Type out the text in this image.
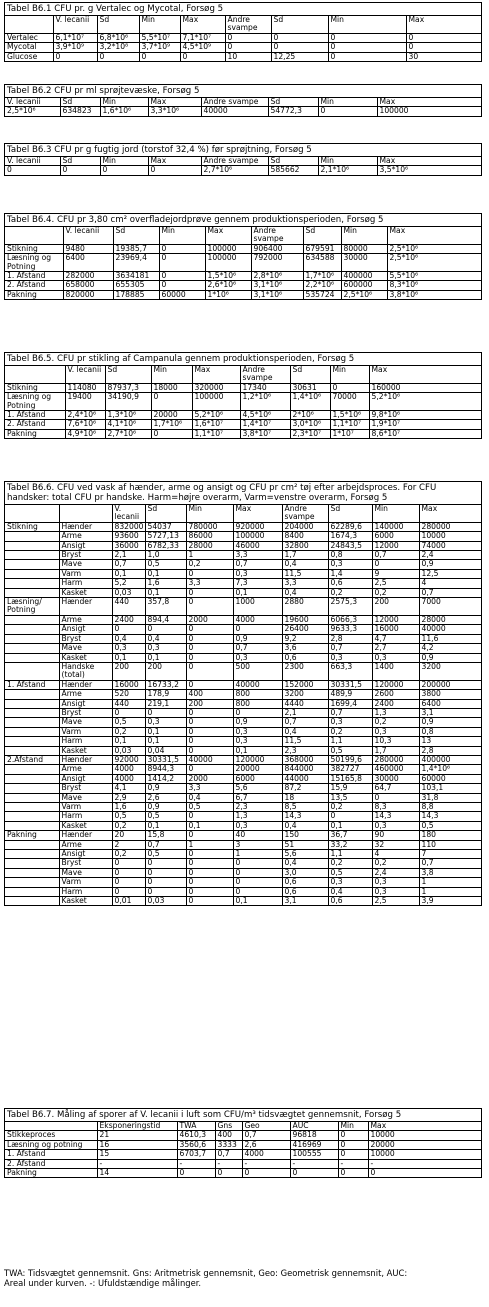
Tabel B6.1 CFU pr. g Vertalec og Mycotal, Forsøg 5
	V. lecanii	Sd	Min	Max	Andre svampe	Sd	Min	Max
Vertalec	6,1*10⁷	6,8*10⁶	5,5*10⁷	7,1*10⁷	0	0	0	0
Mycotal	3,9*10⁹	3,2*10⁸	3,7*10⁹	4,5*10⁹	0	0	0	0
Glucose	0	0	0	0	10	12,25	0	30
Tabel B6.2 CFU pr ml sprøjtevæske, Forsøg 5
V. lecanii	Sd	Min	Max	Andre svampe	Sd	Min	Max
2,5*10⁶	634823	1,6*10⁶	3,3*10⁶	40000	54772,3	0	100000
Tabel B6.3 CFU pr g fugtig jord (torstof 32,4 %) før sprøjtning, Forsøg 5
V. lecanii	Sd	Min	Max	Andre svampe	Sd	Min	Max
0	0	0	0	2,7*10⁶	585662	2,1*10⁶	3,5*10⁶
Tabel B6.4. CFU pr 3,80 cm² overfladejordprøve gennem produktionsperioden, Forsøg 5
	V. lecanii	Sd	Min	Max	Andre svampe	Sd	Min	Max
Stikning	9480	19385,7	0	100000	906400	679591	80000	2,5*10⁶
Læsning og Potning	6400	23969,4	0	100000	792000	634588	30000	2,5*10⁶
1. Afstand	282000	3634181	0	1,5*10⁶	2,8*10⁶	1,7*10⁶	400000	5,5*10⁶
2. Afstand	658000	655305	0	2,6*10⁶	3,1*10⁶	2,2*10⁶	600000	8,3*10⁶
Pakning	820000	178885	60000	1*10⁶	3,1*10⁶	535724	2,5*10⁶	3,8*10⁶
Tabel B6.5. CFU pr stikling af Campanula gennem produktionsperioden, Forsøg 5
	V. lecanii	Sd	Min	Max	Andre svampe	Sd	Min	Max
Stikning	114080	87937,3	18000	320000	17340	30631	0	160000
Læsning og Potning	19400	34190,9	0	100000	1,2*10⁶	1,4*10⁶	70000	5,2*10⁶
1. Afstand	2,4*10⁶	1,3*10⁶	20000	5,2*10⁶	4,5*10⁶	2*10⁶	1,5*10⁶	9,8*10⁶
2. Afstand	7,6*10⁶	4,1*10⁶	1,7*10⁶	1,6*10⁷	1,4*10⁷	3,0*10⁶	1,1*10⁷	1,9*10⁷
Pakning	4,9*10⁶	2,7*10⁶	0	1,1*10⁷	3,8*10⁷	2,3*10⁷	1*10⁷	8,6*10⁷
Tabel B6.6. CFU ved vask af hænder, arme og ansigt og CFU pr cm² tøj efter arbejdsproces. For CFU handsker: total CFU pr handske. Harm=højre overarm, Varm=venstre overarm, Forsøg 5
		V. lecanii	Sd	Min	Max	Andre svampe	Sd	Min	Max
Stikning	Hænder	832000	54037	780000	920000	204000	62289,6	140000	280000
	Arme	93600	5727,13	86000	100000	8400	1674,3	6000	10000
	Ansigt	36000	6782,33	28000	46000	32800	24843,5	12000	74000
	Bryst	2,1	1,0	1	3,3	1,7	0,8	0,7	2,4
	Mave	0,7	0,5	0,2	0,7	0,4	0,3	0	0,9
	Varm	0,1	0,1	0	0,3	11,5	1,4	9	12,5
	Harm	5,2	1,6	3,3	7,3	3,3	0,6	2,5	4
	Kasket	0,03	0,1	0	0,1	0,4	0,2	0,2	0,7
Læsning/ Potning	Hænder	440	357,8	0	1000	2880	2575,3	200	7000
	Arme	2400	894,4	2000	4000	19600	6066,3	12000	28000
	Ansigt	0	0	0	0	26400	9633,3	16000	40000
	Bryst	0,4	0,4	0	0,9	9,2	2,8	4,7	11,6
	Mave	0,3	0,3	0	0,7	3,6	0,7	2,7	4,2
	Kasket	0,1	0,1	0	0,3	0,6	0,3	0,3	0,9
	Handske (total)	200	200	0	500	2300	663,3	1400	3200
1. Afstand	Hænder	16000	16733,2	0	40000	152000	30331,5	120000	200000
	Arme	520	178,9	400	800	3200	489,9	2600	3800
	Ansigt	440	219,1	200	800	4440	1699,4	2400	6400
	Bryst	0	0	0	0	2,1	0,7	1,3	3,1
	Mave	0,5	0,3	0	0,9	0,7	0,3	0,2	0,9
	Varm	0,2	0,1	0	0,3	0,4	0,2	0,3	0,8
	Harm	0,1	0,1	0	0,3	11,5	1,1	10,3	13
	Kasket	0,03	0,04	0	0,1	2,3	0,5	1,7	2,8
2.Afstand	Hænder	92000	30331,5	40000	120000	368000	50199,6	280000	400000
	Arme	4000	8944,3	0	20000	844000	382727	460000	1,4*10⁶
	Ansigt	4000	1414,2	2000	6000	44000	15165,8	30000	60000
	Bryst	4,1	0,9	3,3	5,6	87,2	15,9	64,7	103,1
	Mave	2,9	2,6	0,4	6,7	18	13,5	0	31,8
	Varm	1,6	0,9	0,5	2,3	8,5	0,2	8,3	8,8
	Harm	0,5	0,5	0	1,3	14,3	0	14,3	14,3
	Kasket	0,2	0,1	0,1	0,3	0,4	0,1	0,3	0,5
Pakning	Hænder	20	15,8	0	40	150	36,7	90	180
	Arme	2	0,7	1	3	51	33,2	32	110
	Ansigt	0,2	0,5	0	1	5,6	1,1	4	7
	Bryst	0	0	0	0	0,4	0,2	0,2	0,7
	Mave	0	0	0	0	3,0	0,5	2,4	3,8
	Varm	0	0	0	0	0,6	0,3	0,3	1
	Harm	0	0	0	0	0,6	0,4	0,3	1
	Kasket	0,01	0,03	0	0,1	3,1	0,6	2,5	3,9
Tabel B6.7. Måling af sporer af V. lecanii i luft som CFU/m³ tidsvægtet gennemsnit, Forsøg 5
	Eksponeringstid	TWA	Gns	Geo	AUC	Min	Max
Stikkeproces	21	4610,3	400	0,7	96818	0	10000
Læsning og potning	16	3560,6	3333	2,6	416969	0	20000
1. Afstand	15	6703,7	0,7	4000	100555	0	10000
2. Afstand	-	-	-	-	-	-	-
Pakning	14	0	0	0	0	0	0
TWA: Tidsvægtet gennemsnit. Gns: Aritmetrisk gennemsnit, Geo: Geometrisk gennemsnit, AUC:
Areal under kurven. -: Ufuldstændige målinger.
